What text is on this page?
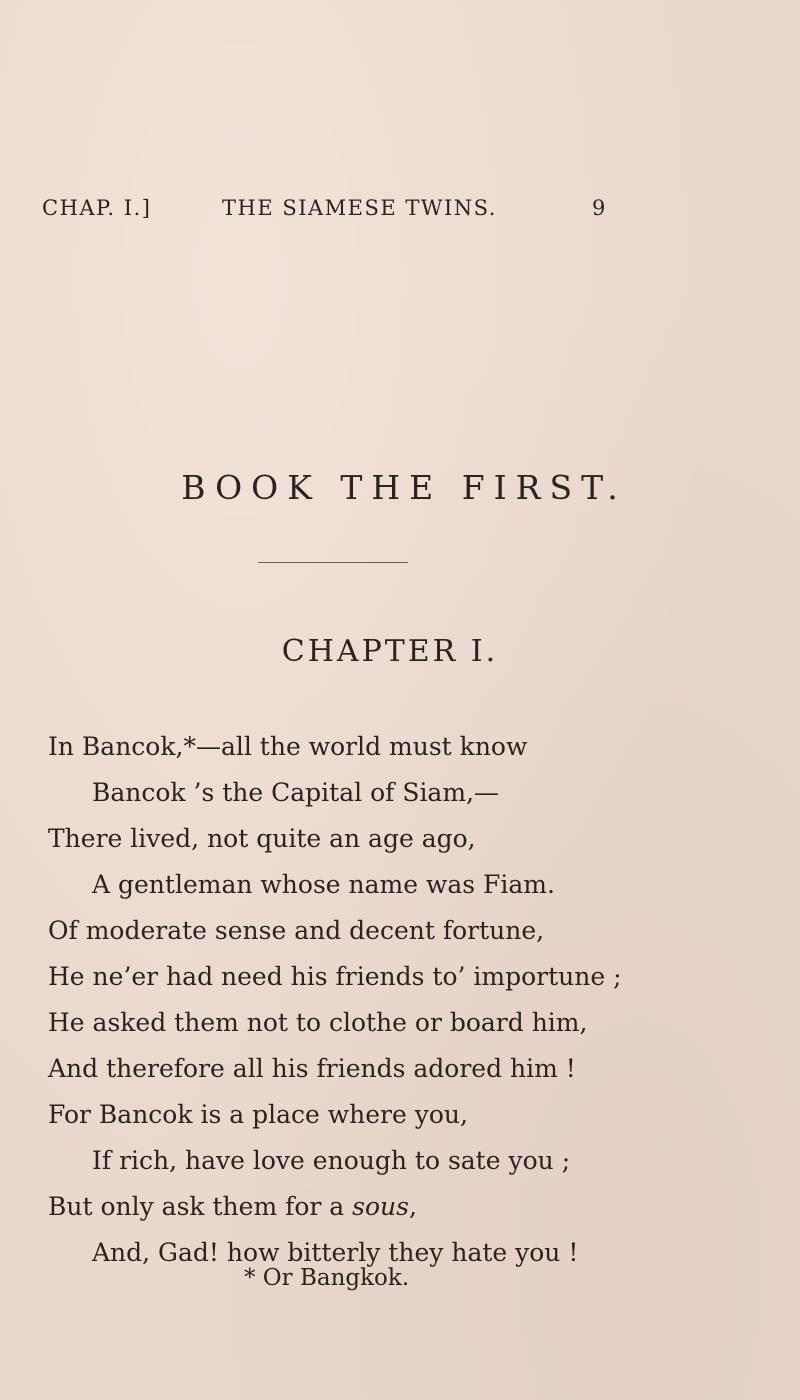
CHAP. I.]	THE SIAMESE TWINS.	9
BOOK THE FIRST.
CHAPTER I.
In Bancok,*—all the world must know
Bancok ’s the Capital of Siam,—
There lived, not quite an age ago,
A gentleman whose name was Fiam.
Of moderate sense and decent fortune,
He ne’er had need his friends to’ importune ;
He asked them not to clothe or board him,
And therefore all his friends adored him !
For Bancok is a place where you,
If rich, have love enough to sate you ;
But only ask them for a sous,
And, Gad! how bitterly they hate you !
* Or Bangkok.
